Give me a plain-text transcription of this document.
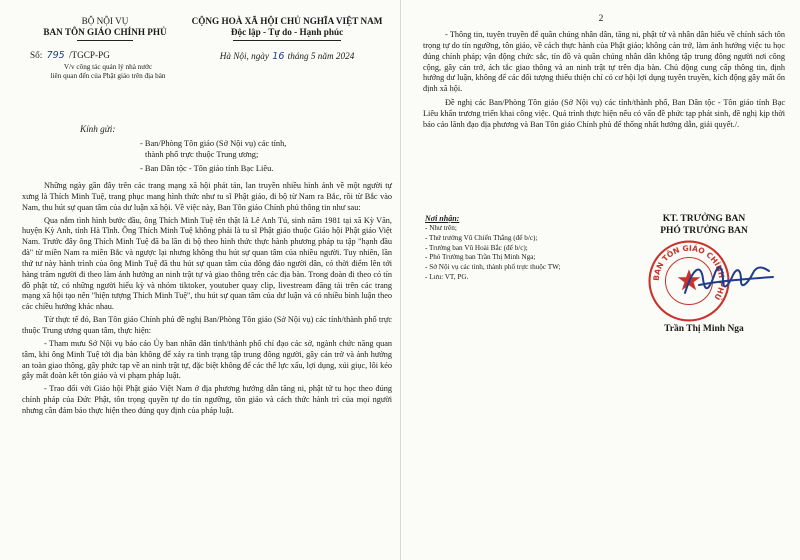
BỘ NỘI VỤ
BAN TÔN GIÁO CHÍNH PHỦ
Số: 795 /TGCP-PG
V/v công tác quản lý nhà nước
liên quan đến của Phật giáo trên địa bàn
CỘNG HOÀ XÃ HỘI CHỦ NGHĨA VIỆT NAM
Độc lập - Tự do - Hạnh phúc
Hà Nội, ngày 16 tháng 5 năm 2024
Kính gửi:
- Ban/Phòng Tôn giáo (Sở Nội vụ) các tỉnh,
thành phố trực thuộc Trung ương;
- Ban Dân tộc - Tôn giáo tỉnh Bạc Liêu.

Những ngày gần đây trên các trang mạng xã hội phát tán, lan truyền nhiều hình ảnh về một người tự xưng là Thích Minh Tuệ, trang phục mang hình thức như tu sĩ Phật giáo, đi bộ từ Nam ra Bắc, rồi từ Bắc vào Nam, thu hút sự quan tâm của dư luận xã hội. Về việc này, Ban Tôn giáo Chính phủ thông tin như sau:

Qua nắm tình hình bước đầu, ông Thích Minh Tuệ tên thật là Lê Anh Tú, sinh năm 1981 tại xã Kỳ Văn, huyện Kỳ Anh, tỉnh Hà Tĩnh. Ông Thích Minh Tuệ không phải là tu sĩ Phật giáo thuộc Giáo hội Phật giáo Việt Nam. Trước đây ông Thích Minh Tuệ đã ba lần đi bộ theo hình thức thực hành phương pháp tu tập "hạnh đầu đà" từ miền Nam ra miền Bắc và ngược lại nhưng không thu hút sự quan tâm của nhiều người. Tuy nhiên, lần thứ tư này hành trình của ông Minh Tuệ đã thu hút sự quan tâm của đông đảo người dân, có thời điểm lên tới hàng trăm người đi theo làm ảnh hưởng an ninh trật tự và giao thông trên các địa bàn. Trong đoàn đi theo có tín đồ phật tử, có những người hiếu kỳ và nhóm tiktoker, youtuber quay clip, livestream đăng tải trên các trang mạng xã hội tạo nên "hiện tượng Thích Minh Tuệ", thu hút sự quan tâm của dư luận và có nhiều bình luận theo các chiều hướng khác nhau.

Từ thực tế đó, Ban Tôn giáo Chính phủ đề nghị Ban/Phòng Tôn giáo (Sở Nội vụ) các tỉnh/thành phố trực thuộc Trung ương quan tâm, thực hiện:

- Tham mưu Sở Nội vụ báo cáo Ủy ban nhân dân tỉnh/thành phố chỉ đạo các sở, ngành chức năng quan tâm, khi ông Minh Tuệ tới địa bàn không để xảy ra tình trạng tập trung đông người, gây cản trở và ảnh hưởng an toàn giao thông, gây phức tạp về an ninh trật tự, đặc biệt không để các thế lực xấu, lợi dụng, xúi giục, lôi kéo gây mất đoàn kết tôn giáo và vi phạm pháp luật.

- Trao đổi với Giáo hội Phật giáo Việt Nam ở địa phương hướng dẫn tăng ni, phật tử tu học theo đúng chính pháp của Đức Phật, tôn trọng quyền tự do tín ngưỡng, tôn giáo và cách thức hành trì của mọi người nhưng cần đảm bảo thực hiện theo đúng quy định của pháp luật.

2

- Thông tin, tuyên truyền để quần chúng nhân dân, tăng ni, phật tử và nhân dân hiểu về chính sách tôn trọng tự do tín ngưỡng, tôn giáo, về cách thực hành của Phật giáo; không cản trở, làm ảnh hưởng việc tu học đúng chính pháp; vận động chức sắc, tín đồ và quần chúng nhân dân không tập trung đông người nơi công cộng, gây cản trở, ách tắc giao thông và an ninh trật tự trên địa bàn. Chủ động cung cấp thông tin, định hướng dư luận, không để các đối tượng thiếu thiện chí có cơ hội lợi dụng tuyên truyền, kích động gây mất ổn định xã hội.

Đề nghị các Ban/Phòng Tôn giáo (Sở Nội vụ) các tỉnh/thành phố, Ban Dân tộc - Tôn giáo tỉnh Bạc Liêu khẩn trương triển khai công việc. Quá trình thực hiện nếu có vấn đề phức tạp phát sinh, đề nghị kịp thời báo cáo lãnh đạo địa phương và Ban Tôn giáo Chính phủ để thống nhất hướng dẫn, giải quyết./.

Nơi nhận:
- Như trên;
- Thứ trưởng Vũ Chiến Thắng (để b/c);
- Trưởng ban Vũ Hoài Bắc (để b/c);
- Phó Trưởng ban Trần Thị Minh Nga;
- Sở Nội vụ các tỉnh, thành phố trực thuộc TW;
- Lưu: VT, PG.
KT. TRƯỞNG BAN
PHÓ TRƯỞNG BAN
BAN TÔN GIÁO CHÍNH PHỦ
Trần Thị Minh Nga
